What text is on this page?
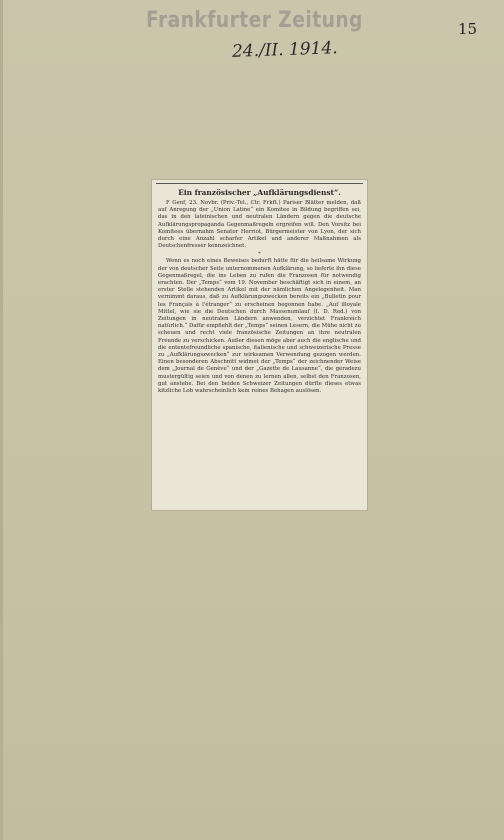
Frankfurter Zeitung
24./II. 1914.
15
Ein französischer „Aufklärungsdienst“.

F Genf, 23. Novbr. (Priv.-Tel., Ctr. Frkft.) Pariser Blätter melden, daß auf Anregung der „Union Latine“ ein Komitee in Bildung begriffen sei, das in den lateinischen und neutralen Ländern gegen die deutsche Aufklärungspropaganda Gegenmaßregeln ergreifen will. Den Vorsitz bei Komitees übernahm Senator Herriot, Bürgermeister von Lyon, der sich durch eine Anzahl scharfer Artikel und anderer Maßnahmen als Deutschenfresser kennzeichnet.

*

Wenn es noch eines Beweises bedurft hätte für die heilsame Wirkung der von deutscher Seite unternommenen Aufklärung, so lieferte ihn diese Gegenmaßregel, die ins Leben zu rufen die Franzosen für notwendig erachten. Der „Temps“ vom 19. November beschäftigt sich in einem, an erster Stelle stehenden Artikel mit der nämlichen Angelegenheit. Man vernimmt daraus, daß zu Aufklärungszwecken bereits ein „Bulletin pour les Français à l'étranger“ zu erscheinen begonnen habe. „Auf illoyale Mittel, wie sie die Deutschen durch Massenumlauf (I. D. Red.) von Zeitungen in neutralen Ländern anwenden, verzichtet Frankreich natürlich.“ Dafür empfiehlt der „Temps“ seinen Lesern, die Mühe nicht zu scheuen und recht viele französische Zeitungen an ihre neutralen Freunde zu verschicken. Außer diesen möge aber auch die englische und die ententefreundliche spanische, italienische und schweizerische Presse zu „Aufklärungszwecken“ zur wirksamen Verwendung gezogen werden. Einen besonderen Abschnitt widmet der „Temps“ der zeichnender Weise dem „Journal de Genève“ und der „Gazette de Lausanne“, die geradezu mustergültig seien und von denen zu lernen allen, selbst den Franzosen, gut anstehe. Bei den beiden Schweizer Zeitungen dürfte dieses etwas kitzliche Lob wahrscheinlich kein reines Behagen auslösen.
